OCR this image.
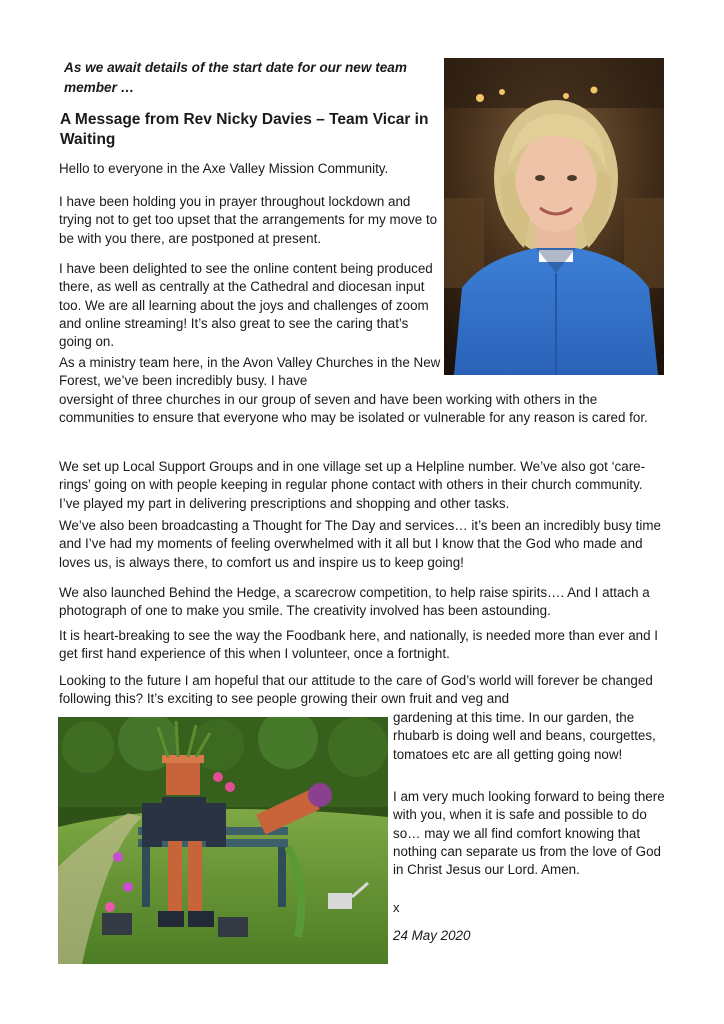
As we await details of the start date for our new team member …
A Message from Rev Nicky Davies – Team Vicar in Waiting

Hello to everyone in the Axe Valley Mission Community.

I have been holding you in prayer throughout lockdown and trying not to get too upset that the arrangements for my move to be with you there, are postponed at present.

I have been delighted to see the online content being produced there, as well as centrally at the Cathedral and diocesan input too. We are all learning about the joys and challenges of zoom and online streaming! It’s also great to see the caring that’s going on.

As a ministry team here, in the Avon Valley Churches in the New Forest, we’ve been incredibly busy. I have

oversight of three churches in our group of seven and have been working with others in the communities to ensure that everyone who may be isolated or vulnerable for any reason is cared for.

We set up Local Support Groups and in one village set up a Helpline number. We’ve also got ‘care-rings’ going on with people keeping in regular phone contact with others in their church community. I’ve played my part in delivering prescriptions and shopping and other tasks.

We’ve also been broadcasting a Thought for The Day and services… it’s been an incredibly busy time and I’ve had my moments of feeling overwhelmed with it all but I know that the God who made and loves us, is always there, to comfort us and inspire us to keep going!

We also launched Behind the Hedge, a scarecrow competition, to help raise spirits…. And I attach a photograph of one to make you smile. The creativity involved has been astounding.

It is heart-breaking to see the way the Foodbank here, and nationally, is needed more than ever and I get first hand experience of this when I volunteer, once a fortnight.

Looking to the future I am hopeful that our attitude to the care of God’s world will forever be changed following this? It’s exciting to see people growing their own fruit and veg and

gardening at this time. In our garden, the rhubarb is doing well and beans, courgettes, tomatoes etc are all getting going now!

I am very much looking forward to being there with you, when it is safe and possible to do so… may we all find comfort knowing that nothing can separate us from the love of God in Christ Jesus our Lord. Amen.

x
24 May 2020
